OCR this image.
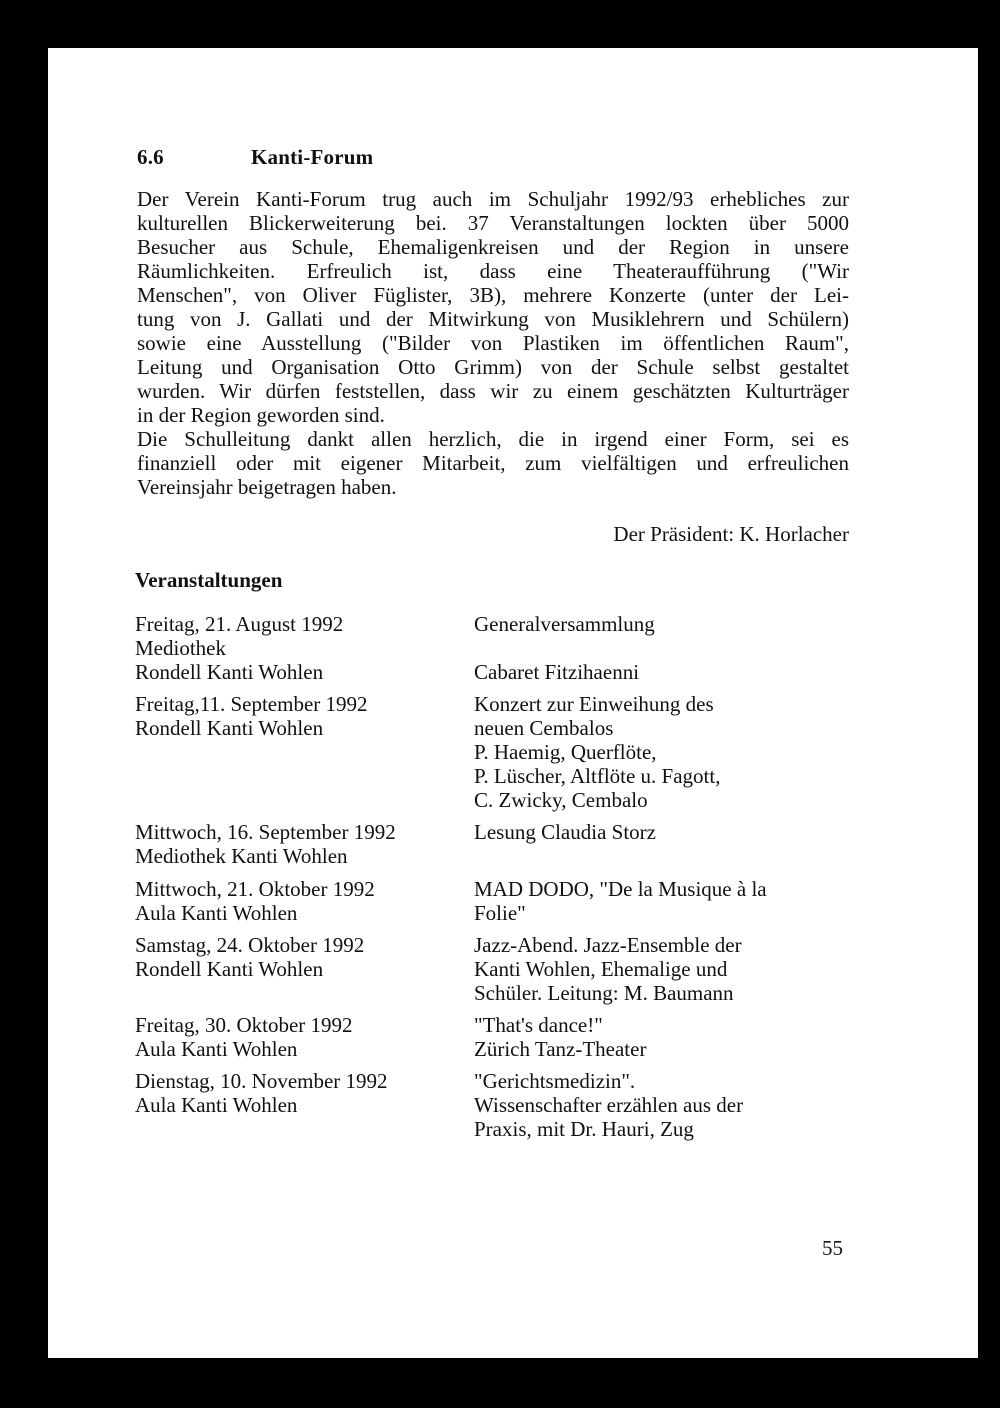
6.6	Kanti-Forum

Der Verein Kanti-Forum trug auch im Schuljahr 1992/93 erhebliches zur
kulturellen Blickerweiterung bei. 37 Veranstaltungen lockten über 5000
Besucher aus Schule, Ehemaligenkreisen und der Region in unsere
Räumlichkeiten. Erfreulich ist, dass eine Theateraufführung ("Wir
Menschen", von Oliver Füglister, 3B), mehrere Konzerte (unter der Lei-
tung von J. Gallati und der Mitwirkung von Musiklehrern und Schülern)
sowie eine Ausstellung ("Bilder von Plastiken im öffentlichen Raum",
Leitung und Organisation Otto Grimm) von der Schule selbst gestaltet
wurden. Wir dürfen feststellen, dass wir zu einem geschätzten Kulturträger
in der Region geworden sind.

Die Schulleitung dankt allen herzlich, die in irgend einer Form, sei es
finanziell oder mit eigener Mitarbeit, zum vielfältigen und erfreulichen
Vereinsjahr beigetragen haben.

Der Präsident: K. Horlacher

Veranstaltungen
Freitag, 21. August 1992
Mediothek
Rondell Kanti Wohlen
Generalversammlung
Cabaret Fitzihaenni
Freitag,11. September 1992
Rondell Kanti Wohlen
Konzert zur Einweihung des
neuen Cembalos
P. Haemig, Querflöte,
P. Lüscher, Altflöte u. Fagott,
C. Zwicky, Cembalo
Mittwoch, 16. September 1992
Mediothek Kanti Wohlen
Lesung Claudia Storz
Mittwoch, 21. Oktober 1992
Aula Kanti Wohlen
MAD DODO, "De la Musique à la
Folie"
Samstag, 24. Oktober 1992
Rondell Kanti Wohlen
Jazz-Abend. Jazz-Ensemble der
Kanti Wohlen, Ehemalige und
Schüler. Leitung: M. Baumann
Freitag, 30. Oktober 1992
Aula Kanti Wohlen
"That's dance!"
Zürich Tanz-Theater
Dienstag, 10. November 1992
Aula Kanti Wohlen
"Gerichtsmedizin".
Wissenschafter erzählen aus der
Praxis, mit Dr. Hauri, Zug

55
